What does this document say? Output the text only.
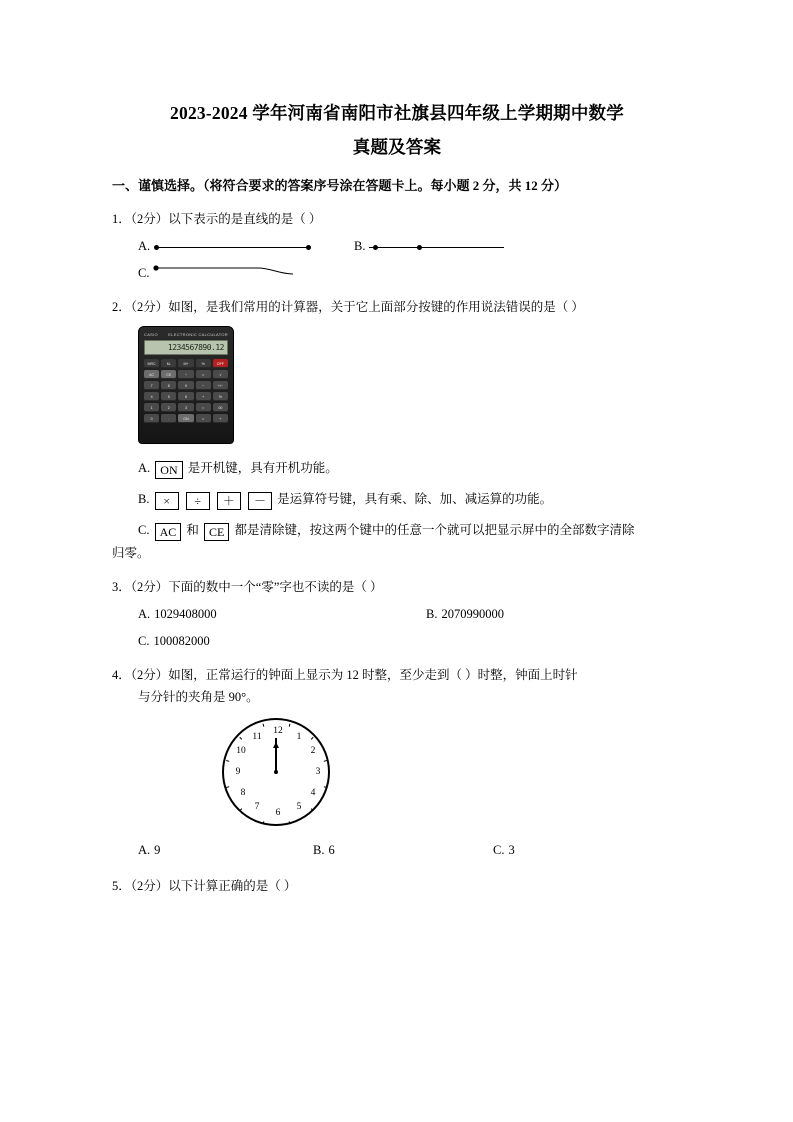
2023-2024 学年河南省南阳市社旗县四年级上学期期中数学
真题及答案
一、谨慎选择。（将符合要求的答案序号涂在答题卡上。每小题 2 分，共 12 分）
1．（2分）以下表示的是直线的是（ ）
A.	B.
C.
2．（2分）如图，是我们常用的计算器，关于它上面部分按键的作用说法错误的是（ ）
CASIO	ELECTRONIC CALCULATOR
1234567890.12
MRC	M-	M+	%	OFF
AC	CE	÷	×	√
7	8	9	−	+/−
4	5	6	+	%
1	2	3	=	00
0	.	ON	=	+
A. ON 是开机键，具有开机功能。
B. × ÷ ＋ － 是运算符号键，具有乘、除、加、减运算的功能。
C. AC 和 CE 都是清除键，按这两个键中的任意一个就可以把显示屏中的全部数字清除
归零。
3．（2分）下面的数中一个“零”字也不读的是（ ）
A. 1029408000	B. 2070990000
C. 100082000
4．（2分）如图，正常运行的钟面上显示为 12 时整，至少走到（ ）时整，钟面上时针
与分针的夹角是 90°。
12
1
2
3
4
5
6
7
8
9
10
11
A. 9	B. 6	C. 3
5．（2分）以下计算正确的是（ ）
